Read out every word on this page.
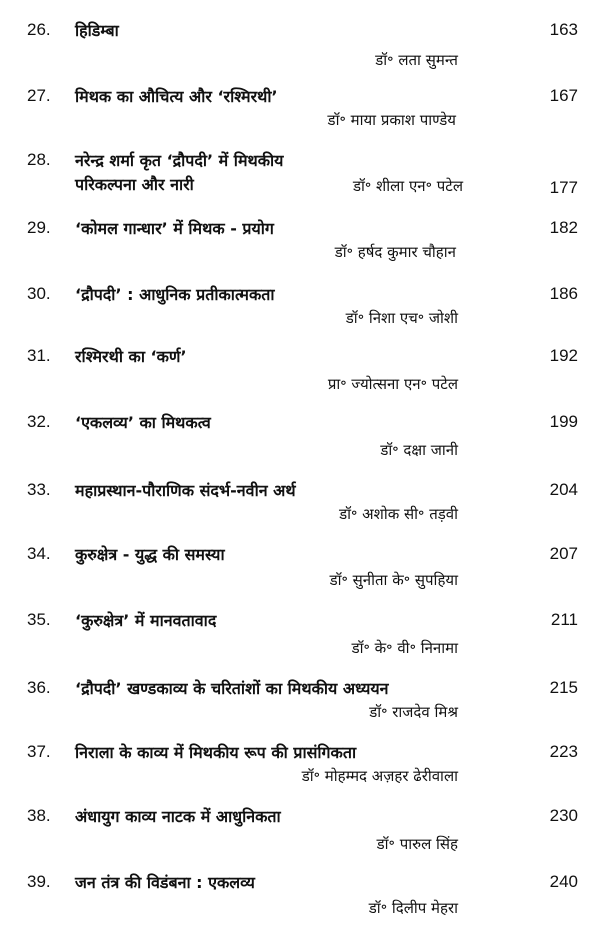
26. हिडिम्बा	163
डॉ॰ लता सुमन्त
27. मिथक का औचित्य और ‘रश्मिरथी’	167
डॉ॰ माया प्रकाश पाण्डेय
28. नरेन्द्र शर्मा कृत ‘द्रौपदी’ में मिथकीय
परिकल्पना और नारी	177
डॉ॰ शीला एन॰ पटेल
29. ‘कोमल गान्धार’ में मिथक - प्रयोग	182
डॉ॰ हर्षद कुमार चौहान
30. ‘द्रौपदी’ : आधुनिक प्रतीकात्मकता	186
डॉ॰ निशा एच॰ जोशी
31. रश्मिरथी का ‘कर्ण’	192
प्रा॰ ज्योत्सना एन॰ पटेल
32. ‘एकलव्य’ का मिथकत्व	199
डॉ॰ दक्षा जानी
33. महाप्रस्थान-पौराणिक संदर्भ-नवीन अर्थ	204
डॉ॰ अशोक सी॰ तड़वी
34. कुरुक्षेत्र - युद्ध की समस्या	207
डॉ॰ सुनीता के॰ सुपहिया
35. ‘कुरुक्षेत्र’ में मानवतावाद	211
डॉ॰ के॰ वी॰ निनामा
36. ‘द्रौपदी’ खण्डकाव्य के चरितांशों का मिथकीय अध्ययन	215
डॉ॰ राजदेव मिश्र
37. निराला के काव्य में मिथकीय रूप की प्रासंगिकता	223
डॉ॰ मोहम्मद अज़हर ढेरीवाला
38. अंधायुग काव्य नाटक में आधुनिकता	230
डॉ॰ पारुल सिंह
39. जन तंत्र की विडंबना : एकलव्य	240
डॉ॰ दिलीप मेहरा
